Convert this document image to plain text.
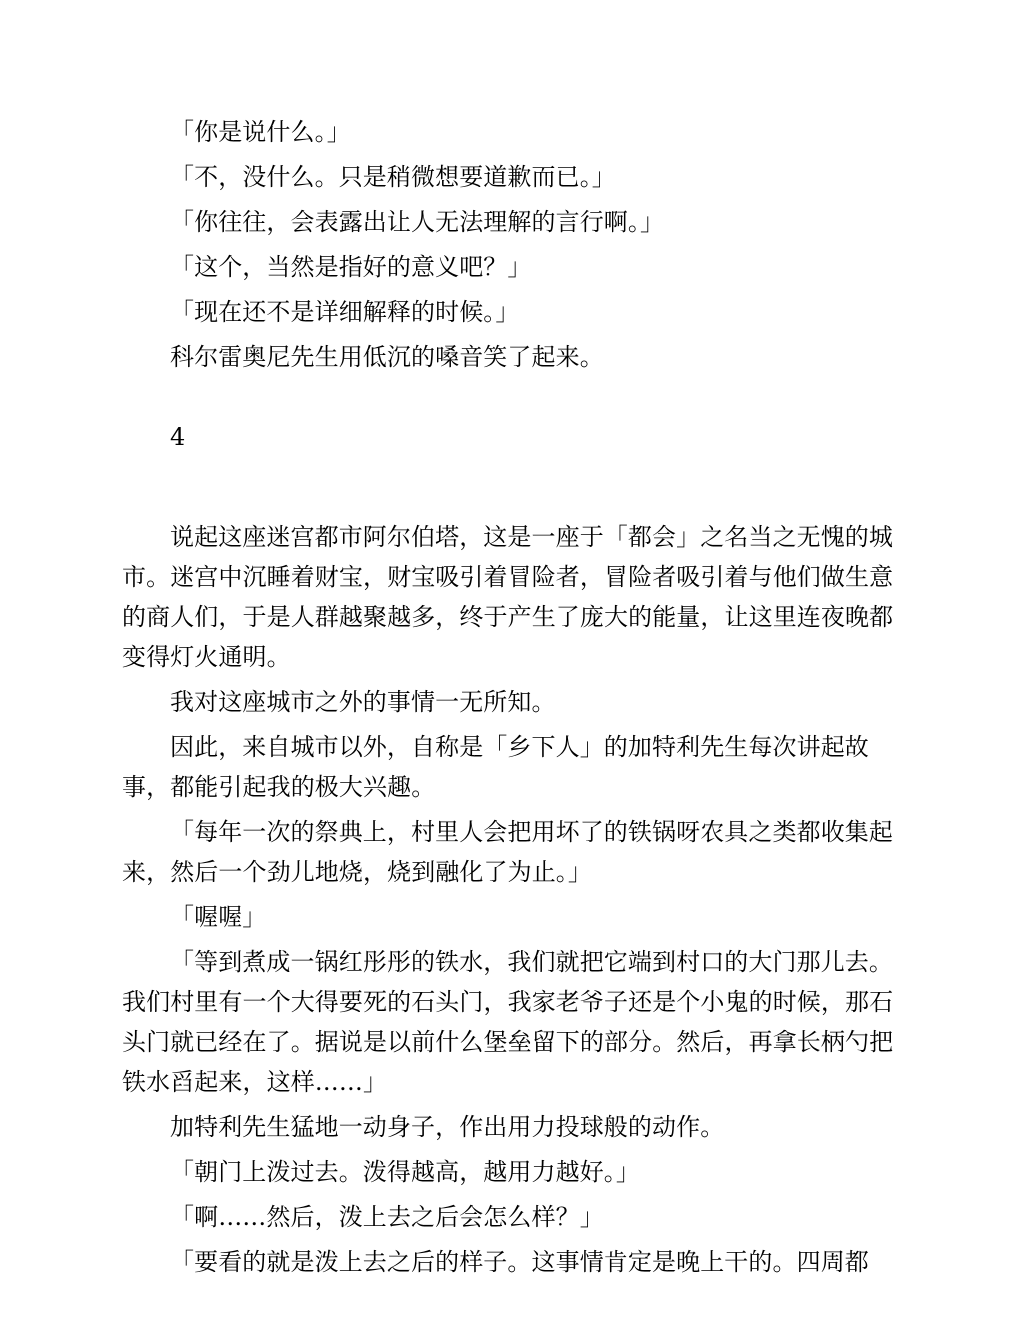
「你是说什么。」

「不，没什么。只是稍微想要道歉而已。」

「你往往，会表露出让人无法理解的言行啊。」

「这个，当然是指好的意义吧？」

「现在还不是详细解释的时候。」

科尔雷奥尼先生用低沉的嗓音笑了起来。

4

说起这座迷宫都市阿尔伯塔，这是一座于「都会」之名当之无愧的城市。迷宫中沉睡着财宝，财宝吸引着冒险者，冒险者吸引着与他们做生意的商人们，于是人群越聚越多，终于产生了庞大的能量，让这里连夜晚都变得灯火通明。

我对这座城市之外的事情一无所知。

因此，来自城市以外，自称是「乡下人」的加特利先生每次讲起故事，都能引起我的极大兴趣。

「每年一次的祭典上，村里人会把用坏了的铁锅呀农具之类都收集起来，然后一个劲儿地烧，烧到融化了为止。」

「喔喔」

「等到煮成一锅红彤彤的铁水，我们就把它端到村口的大门那儿去。我们村里有一个大得要死的石头门，我家老爷子还是个小鬼的时候，那石头门就已经在了。据说是以前什么堡垒留下的部分。然后，再拿长柄勺把铁水舀起来，这样……」

加特利先生猛地一动身子，作出用力投球般的动作。

「朝门上泼过去。泼得越高，越用力越好。」

「啊……然后，泼上去之后会怎么样？」

「要看的就是泼上去之后的样子。这事情肯定是晚上干的。四周都
